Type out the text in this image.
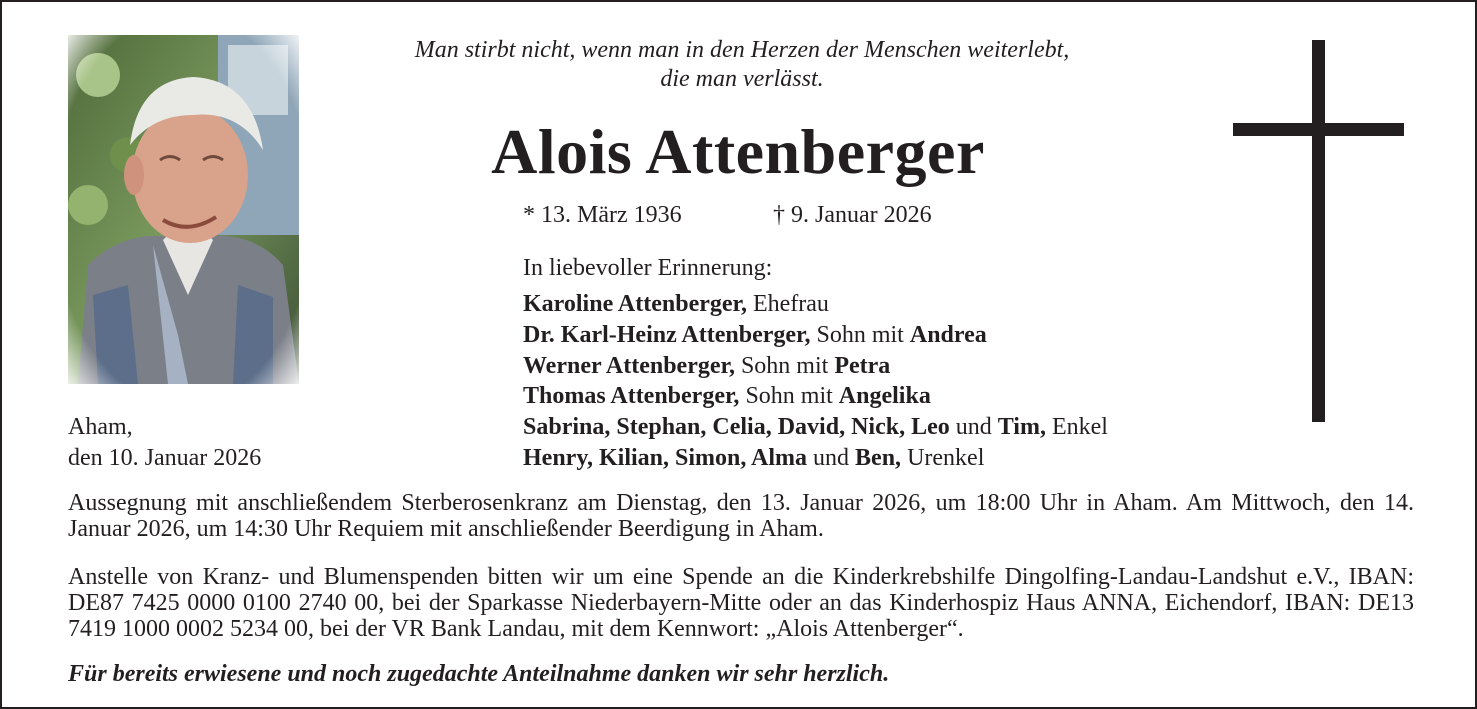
Man stirbt nicht, wenn man in den Herzen der Menschen weiterlebt,
die man verlässt.
Alois Attenberger
* 13. März 1936	† 9. Januar 2026
In liebevoller Erinnerung:
Karoline Attenberger, Ehefrau
Dr. Karl-Heinz Attenberger, Sohn mit Andrea
Werner Attenberger, Sohn mit Petra
Thomas Attenberger, Sohn mit Angelika
Sabrina, Stephan, Celia, David, Nick, Leo und Tim, Enkel
Henry, Kilian, Simon, Alma und Ben, Urenkel
Aham,
den 10. Januar 2026
Aussegnung mit anschließendem Sterberosenkranz am Dienstag, den 13. Januar 2026, um 18:00 Uhr in Aham. Am Mittwoch, den 14. Januar 2026, um 14:30 Uhr Requiem mit anschließender Beerdigung in Aham.
Anstelle von Kranz- und Blumenspenden bitten wir um eine Spende an die Kinderkrebshilfe Dingolfing-Landau-Landshut e.V., IBAN: DE87 7425 0000 0100 2740 00, bei der Sparkasse Niederbayern-Mitte oder an das Kinderhospiz Haus ANNA, Eichendorf, IBAN: DE13 7419 1000 0002 5234 00, bei der VR Bank Landau, mit dem Kennwort: „Alois Attenberger“.
Für bereits erwiesene und noch zugedachte Anteilnahme danken wir sehr herzlich.
